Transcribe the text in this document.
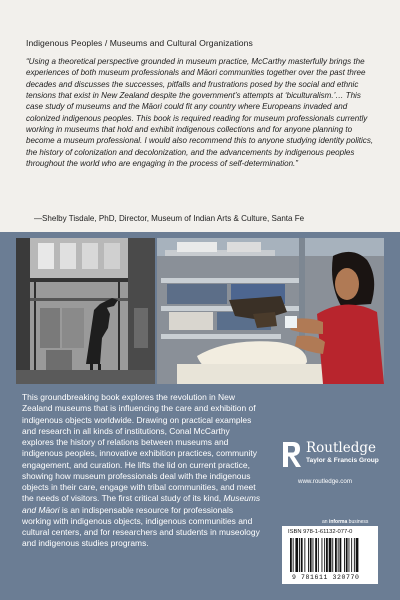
Indigenous Peoples / Museums and Cultural Organizations

“Using a theoretical perspective grounded in museum practice, McCarthy masterfully brings the experiences of both museum professionals and Māori communities together over the past three decades and discusses the successes, pitfalls and frustrations posed by the social and ethnic tensions that exist in New Zealand despite the government’s attempts at ‘biculturalism.’… This case study of museums and the Māori could fit any country where Europeans invaded and colonized indigenous peoples. This book is required reading for museum professionals currently working in museums that hold and exhibit indigenous collections and for anyone planning to become a museum professional. I would also recommend this to anyone studying identity politics, the history of colonization and decolonization, and the advancements by indigenous peoples throughout the world who are engaging in the process of self-determination.”

—Shelby Tisdale, PhD, Director, Museum of Indian Arts & Culture, Santa Fe

This groundbreaking book explores the revolution in New Zealand museums that is influencing the care and exhibition of indigenous objects worldwide. Drawing on practical examples and research in all kinds of institutions, Conal McCarthy explores the history of relations between museums and indigenous peoples, innovative exhibition practices, community engagement, and curation. He lifts the lid on current practice, showing how museum professionals deal with the indigenous objects in their care, engage with tribal communities, and meet the needs of visitors. The first critical study of its kind, Museums and Māori is an indispensable resource for professionals working with indigenous objects, indigenous communities and cultural centers, and for researchers and students in museology and indigenous studies programs.

Routledge
Taylor & Francis Group
www.routledge.com
an informa business
ISBN 978-1-61132-077-0
9 781611 320770
